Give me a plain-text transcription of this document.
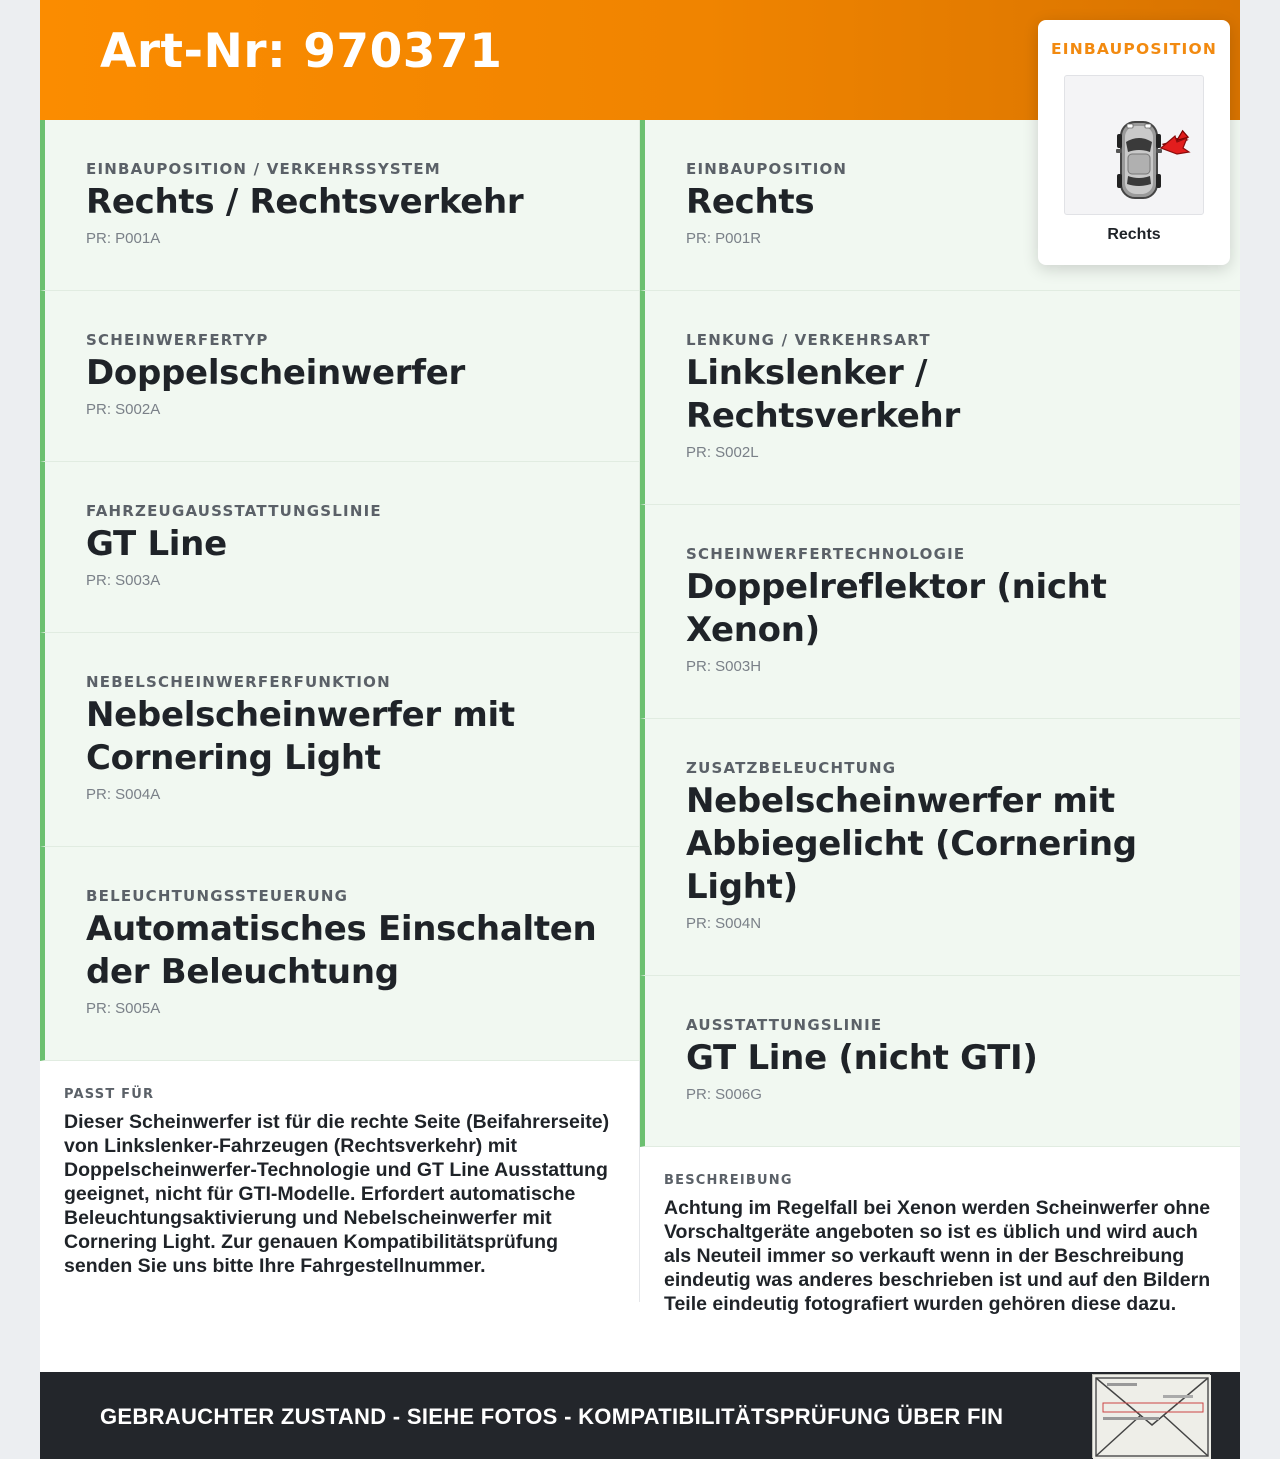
Art-Nr: 970371
EINBAUPOSITION / VERKEHRSSYSTEM
Rechts / Rechtsverkehr
PR: P001A
SCHEINWERFERTYP
Doppelscheinwerfer
PR: S002A
FAHRZEUGAUSSTATTUNGSLINIE
GT Line
PR: S003A
NEBELSCHEINWERFERFUNKTION
Nebelscheinwerfer mit Cornering Light
PR: S004A
BELEUCHTUNGSSTEUERUNG
Automatisches Einschalten der Beleuchtung
PR: S005A
PASST FÜR
Dieser Scheinwerfer ist für die rechte Seite (Beifahrerseite) von Linkslenker-Fahrzeugen (Rechtsverkehr) mit Doppelscheinwerfer-Technologie und GT Line Ausstattung geeignet, nicht für GTI-Modelle. Erfordert automatische Beleuchtungsaktivierung und Nebelscheinwerfer mit Cornering Light. Zur genauen Kompatibilitätsprüfung senden Sie uns bitte Ihre Fahrgestellnummer.
EINBAUPOSITION
Rechts
PR: P001R
LENKUNG / VERKEHRSART
Linkslenker / Rechtsverkehr
PR: S002L
SCHEINWERFERTECHNOLOGIE
Doppelreflektor (nicht Xenon)
PR: S003H
ZUSATZBELEUCHTUNG
Nebelscheinwerfer mit Abbiegelicht (Cornering Light)
PR: S004N
AUSSTATTUNGSLINIE
GT Line (nicht GTI)
PR: S006G
BESCHREIBUNG
Achtung im Regelfall bei Xenon werden Scheinwerfer ohne Vorschaltgeräte angeboten so ist es üblich und wird auch als Neuteil immer so verkauft wenn in der Beschreibung eindeutig was anderes beschrieben ist und auf den Bildern Teile eindeutig fotografiert wurden gehören diese dazu.
EINBAUPOSITION
Rechts
GEBRAUCHTER ZUSTAND - SIEHE FOTOS - KOMPATIBILITÄTSPRÜFUNG ÜBER FIN
